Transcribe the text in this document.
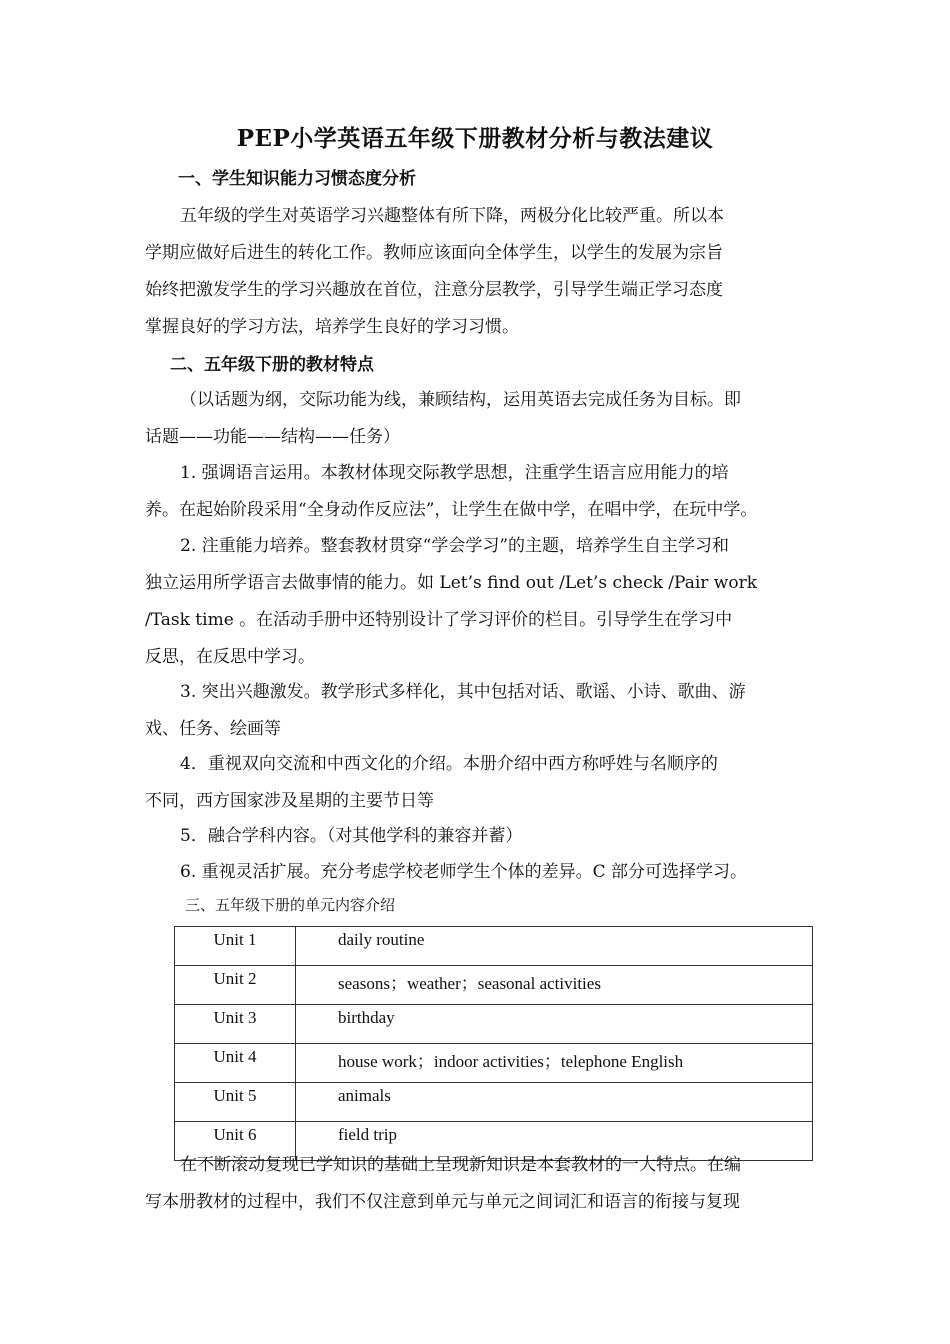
PEP小学英语五年级下册教材分析与教法建议
一、学生知识能力习惯态度分析
五年级的学生对英语学习兴趣整体有所下降，两极分化比较严重。所以本
学期应做好后进生的转化工作。教师应该面向全体学生，以学生的发展为宗旨
始终把激发学生的学习兴趣放在首位，注意分层教学，引导学生端正学习态度
掌握良好的学习方法，培养学生良好的学习习惯。
二、五年级下册的教材特点
（以话题为纲，交际功能为线，兼顾结构，运用英语去完成任务为目标。即
话题——功能——结构——任务）
1. 强调语言运用。本教材体现交际教学思想，注重学生语言应用能力的培
养。在起始阶段采用“全身动作反应法”，让学生在做中学，在唱中学，在玩中学。
2. 注重能力培养。整套教材贯穿“学会学习”的主题，培养学生自主学习和
独立运用所学语言去做事情的能力。如 Let’s find out /Let’s check /Pair work
/Task time 。在活动手册中还特别设计了学习评价的栏目。引导学生在学习中
反思，在反思中学习。
3. 突出兴趣激发。教学形式多样化，其中包括对话、歌谣、小诗、歌曲、游
戏、任务、绘画等
4．重视双向交流和中西文化的介绍。本册介绍中西方称呼姓与名顺序的
不同，西方国家涉及星期的主要节日等
5．融合学科内容。（对其他学科的兼容并蓄）
6. 重视灵活扩展。充分考虑学校老师学生个体的差异。C 部分可选择学习。
三、五年级下册的单元内容介绍
Unit 1	daily routine
Unit 2	seasons；weather；seasonal activities
Unit 3	birthday
Unit 4	house work；indoor activities；telephone English
Unit 5	animals
Unit 6	field trip
在不断滚动复现已学知识的基础上呈现新知识是本套教材的一大特点。在编
写本册教材的过程中，我们不仅注意到单元与单元之间词汇和语言的衔接与复现
